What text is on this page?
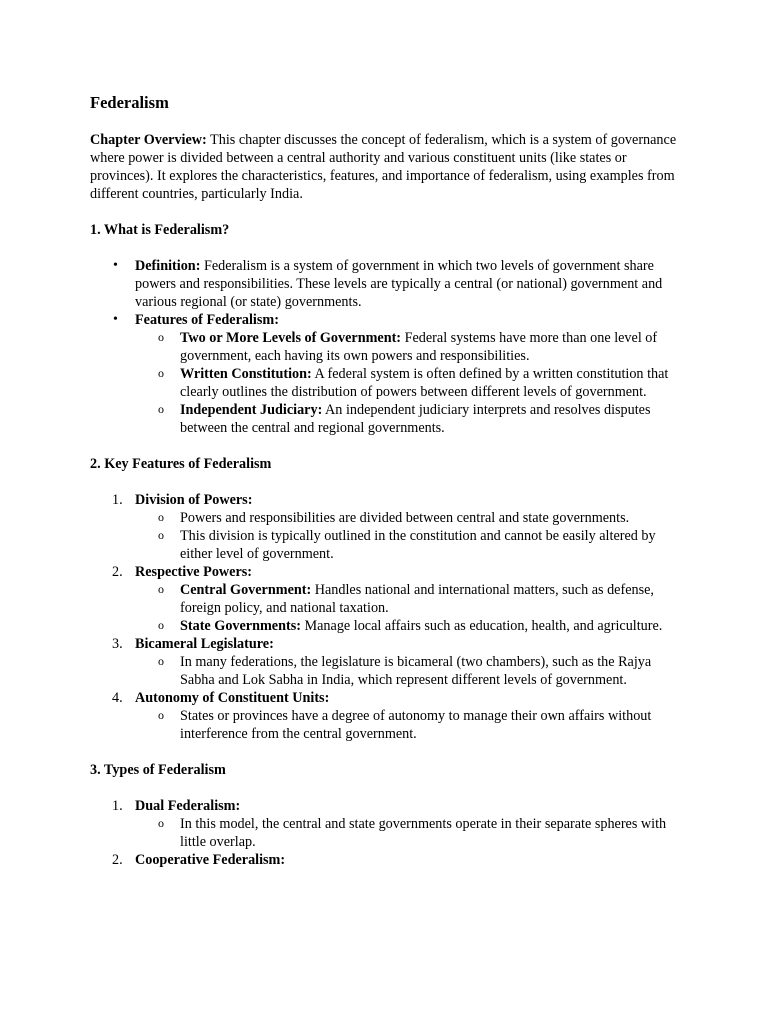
Federalism

Chapter Overview: This chapter discusses the concept of federalism, which is a system of governance where power is divided between a central authority and various constituent units (like states or provinces). It explores the characteristics, features, and importance of federalism, using examples from different countries, particularly India.

1. What is Federalism?
• Definition: Federalism is a system of government in which two levels of government share powers and responsibilities. These levels are typically a central (or national) government and various regional (or state) governments.
• Features of Federalism:
o Two or More Levels of Government: Federal systems have more than one level of government, each having its own powers and responsibilities.
o Written Constitution: A federal system is often defined by a written constitution that clearly outlines the distribution of powers between different levels of government.
o Independent Judiciary: An independent judiciary interprets and resolves disputes between the central and regional governments.
2. Key Features of Federalism
1. Division of Powers:
o Powers and responsibilities are divided between central and state governments.
o This division is typically outlined in the constitution and cannot be easily altered by either level of government.
2. Respective Powers:
o Central Government: Handles national and international matters, such as defense, foreign policy, and national taxation.
o State Governments: Manage local affairs such as education, health, and agriculture.
3. Bicameral Legislature:
o In many federations, the legislature is bicameral (two chambers), such as the Rajya Sabha and Lok Sabha in India, which represent different levels of government.
4. Autonomy of Constituent Units:
o States or provinces have a degree of autonomy to manage their own affairs without interference from the central government.
3. Types of Federalism
1. Dual Federalism:
o In this model, the central and state governments operate in their separate spheres with little overlap.
2. Cooperative Federalism:
